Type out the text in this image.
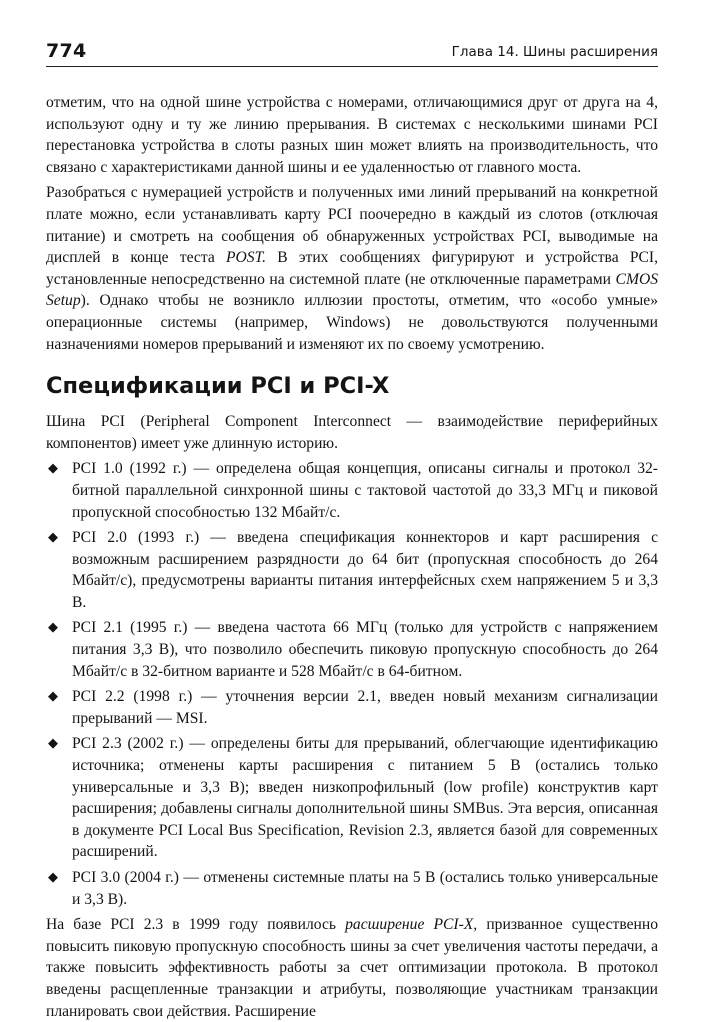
774	Глава 14. Шины расширения

отметим, что на одной шине устройства с номерами, отличающимися друг от друга на 4, используют одну и ту же линию прерывания. В системах с несколькими шинами PCI перестановка устройства в слоты разных шин может влиять на производительность, что связано с характеристиками данной шины и ее удаленностью от главного моста.

Разобраться с нумерацией устройств и полученных ими линий прерываний на конкретной плате можно, если устанавливать карту PCI поочередно в каждый из слотов (отключая питание) и смотреть на сообщения об обнаруженных устройствах PCI, выводимые на дисплей в конце теста POST. В этих сообщениях фигурируют и устройства PCI, установленные непосредственно на системной плате (не отключенные параметрами CMOS Setup). Однако чтобы не возникло иллюзии простоты, отметим, что «особо умные» операционные системы (например, Windows) не довольствуются полученными назначениями номеров прерываний и изменяют их по своему усмотрению.

Спецификации PCI и PCI-X

Шина PCI (Peripheral Component Interconnect — взаимодействие периферийных компонентов) имеет уже длинную историю.

◆ PCI 1.0 (1992 г.) — определена общая концепция, описаны сигналы и протокол 32-битной параллельной синхронной шины с тактовой частотой до 33,3 МГц и пиковой пропускной способностью 132 Мбайт/с.
◆ PCI 2.0 (1993 г.) — введена спецификация коннекторов и карт расширения с возможным расширением разрядности до 64 бит (пропускная способность до 264 Мбайт/с), предусмотрены варианты питания интерфейсных схем напряжением 5 и 3,3 В.
◆ PCI 2.1 (1995 г.) — введена частота 66 МГц (только для устройств с напряжением питания 3,3 В), что позволило обеспечить пиковую пропускную способность до 264 Мбайт/с в 32-битном варианте и 528 Мбайт/с в 64-битном.
◆ PCI 2.2 (1998 г.) — уточнения версии 2.1, введен новый механизм сигнализации прерываний — MSI.
◆ PCI 2.3 (2002 г.) — определены биты для прерываний, облегчающие идентификацию источника; отменены карты расширения с питанием 5 В (остались только универсальные и 3,3 В); введен низкопрофильный (low profile) конструктив карт расширения; добавлены сигналы дополнительной шины SMBus. Эта версия, описанная в документе PCI Local Bus Specification, Revision 2.3, является базой для современных расширений.
◆ PCI 3.0 (2004 г.) — отменены системные платы на 5 В (остались только универсальные и 3,3 В).

На базе PCI 2.3 в 1999 году появилось расширение PCI-X, призванное существенно повысить пиковую пропускную способность шины за счет увеличения частоты передачи, а также повысить эффективность работы за счет оптимизации протокола. В протокол введены расщепленные транзакции и атрибуты, позволяющие участникам транзакции планировать свои действия. Расширение
